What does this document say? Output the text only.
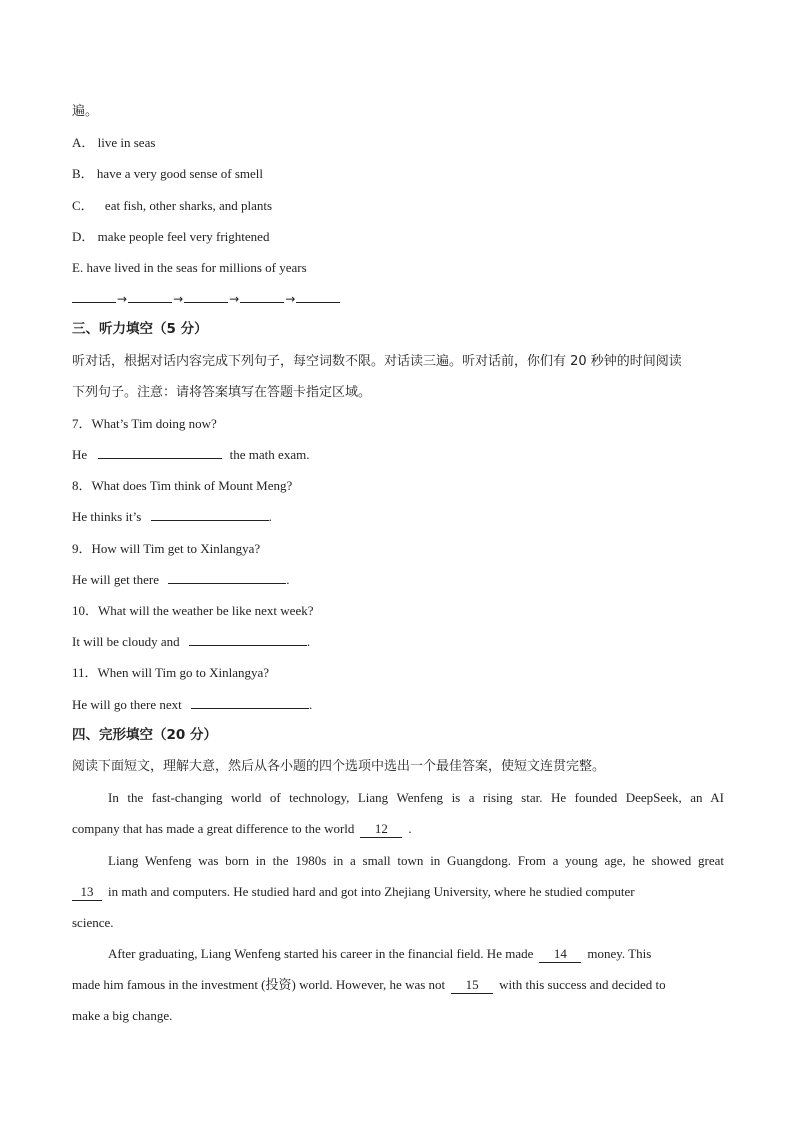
遍。
A． live in seas
B． have a very good sense of smell
C． eat fish, other sharks, and plants
D． make people feel very frightened
E. have lived in the seas for millions of years
→	→	→	→
三、听力填空（5 分）
听对话，根据对话内容完成下列句子，每空词数不限。对话读三遍。听对话前，你们有 20 秒钟的时间阅读
下列句子。注意：请将答案填写在答题卡指定区域。
7．What’s Tim doing now?
He	the math exam.
8．What does Tim think of Mount Meng?
He thinks it’s	.
9．How will Tim get to Xinlangya?
He will get there	.
10．What will the weather be like next week?
It will be cloudy and	.
11．When will Tim go to Xinlangya?
He will go there next	.
四、完形填空（20 分）
阅读下面短文，理解大意，然后从各小题的四个选项中选出一个最佳答案，使短文连贯完整。
In the fast-changing world of technology, Liang Wenfeng is a rising star. He founded DeepSeek, an AI
company that has made a great difference to the world 12 .
Liang Wenfeng was born in the 1980s in a small town in Guangdong. From a young age, he showed great
13 in math and computers. He studied hard and got into Zhejiang University, where he studied computer
science.
After graduating, Liang Wenfeng started his career in the financial field. He made 14 money. This
made him famous in the investment (投资) world. However, he was not 15 with this success and decided to
make a big change.
